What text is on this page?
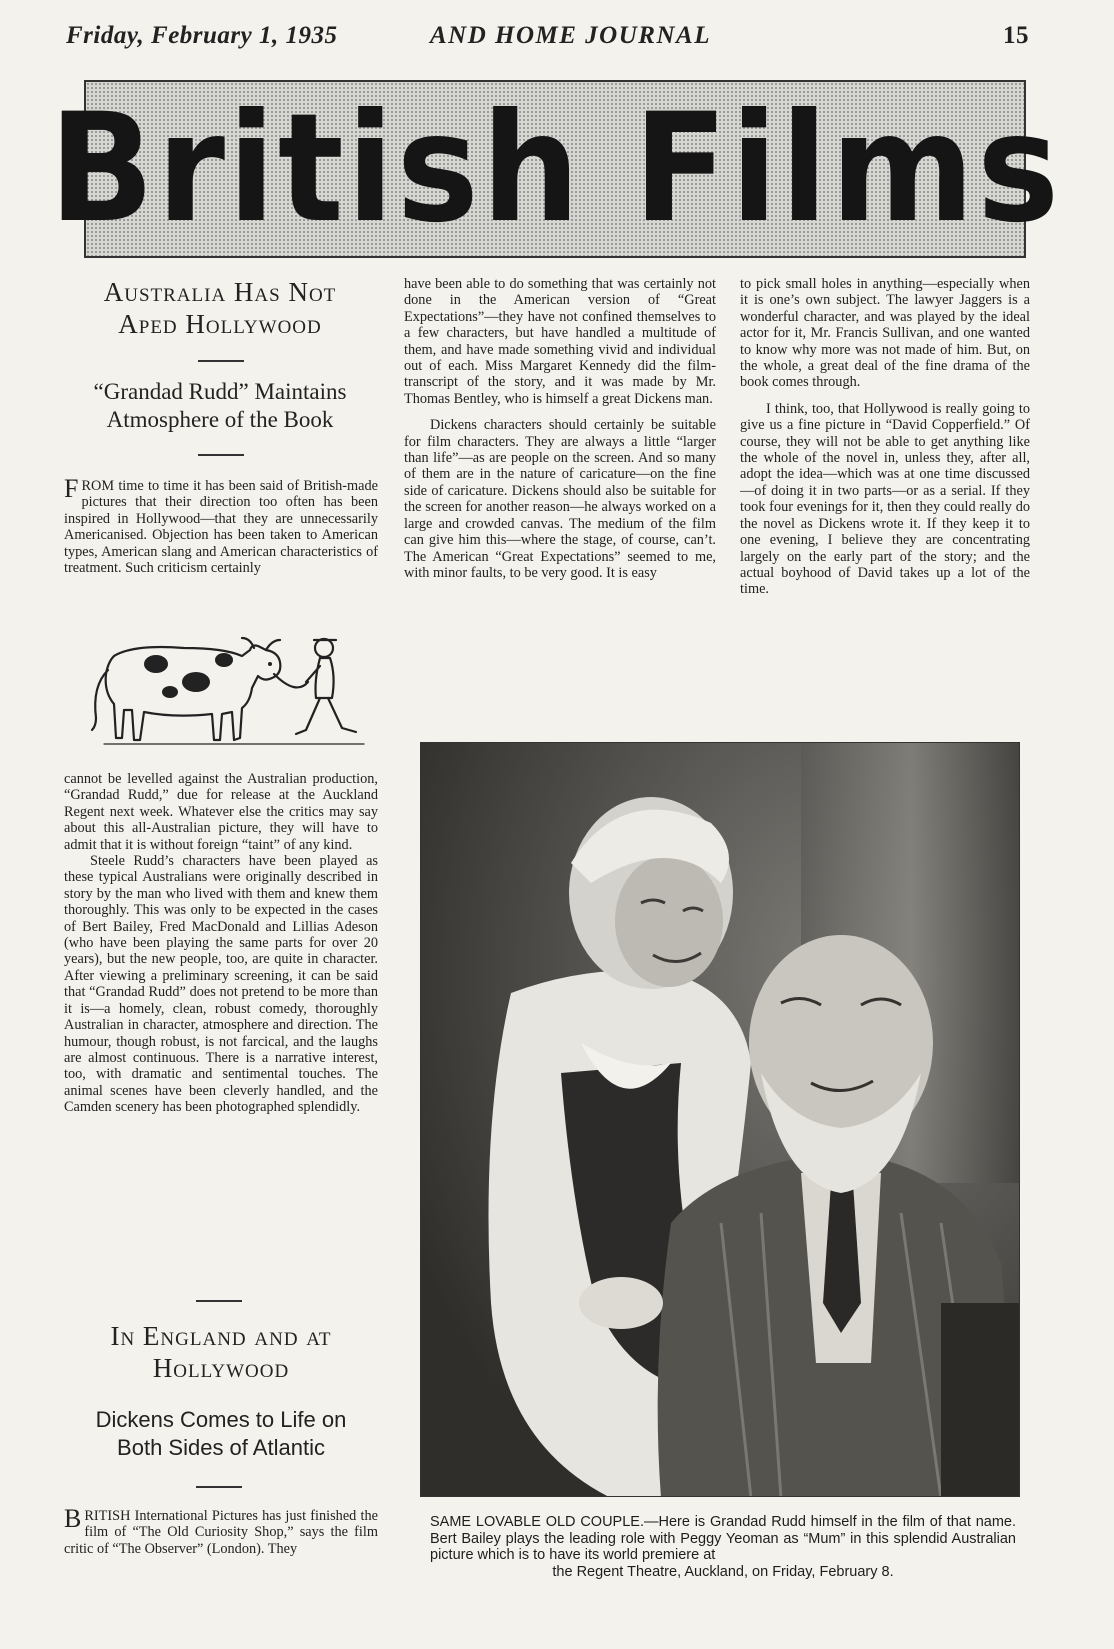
Friday, February 1, 1935	AND HOME JOURNAL	15
British Films
Australia Has Not
Aped Hollywood
“Grandad Rudd” Maintains
Atmosphere of the Book

FROM time to time it has been said of British-made pictures that their direction too often has been inspired in Hollywood—that they are unnecessarily Americanised. Objection has been taken to American types, American slang and American characteristics of treatment. Such criticism certainly

cannot be levelled against the Australian production, “Grandad Rudd,” due for release at the Auckland Regent next week. Whatever else the critics may say about this all-Australian picture, they will have to admit that it is without foreign “taint” of any kind.

Steele Rudd’s characters have been played as these typical Australians were originally described in story by the man who lived with them and knew them thoroughly. This was only to be expected in the cases of Bert Bailey, Fred MacDonald and Lillias Adeson (who have been playing the same parts for over 20 years), but the new people, too, are quite in character. After viewing a preliminary screening, it can be said that “Grandad Rudd” does not pretend to be more than it is—a homely, clean, robust comedy, thoroughly Australian in character, atmosphere and direction. The humour, though robust, is not farcical, and the laughs are almost continuous. There is a narrative interest, too, with dramatic and sentimental touches. The animal scenes have been cleverly handled, and the Camden scenery has been photographed splendidly.

In England and at
Hollywood
Dickens Comes to Life on
Both Sides of Atlantic

BRITISH International Pictures has just finished the film of “The Old Curiosity Shop,” says the film critic of “The Observer” (London). They

have been able to do something that was certainly not done in the American version of “Great Expectations”—they have not confined themselves to a few characters, but have handled a multitude of them, and have made something vivid and individual out of each. Miss Margaret Kennedy did the film-transcript of the story, and it was made by Mr. Thomas Bentley, who is himself a great Dickens man.

Dickens characters should certainly be suitable for film characters. They are always a little “larger than life”—as are people on the screen. And so many of them are in the nature of caricature—on the fine side of caricature. Dickens should also be suitable for the screen for another reason—he always worked on a large and crowded canvas. The medium of the film can give him this—where the stage, of course, can’t. The American “Great Expectations” seemed to me, with minor faults, to be very good. It is easy

to pick small holes in anything—especially when it is one’s own subject. The lawyer Jaggers is a wonderful character, and was played by the ideal actor for it, Mr. Francis Sullivan, and one wanted to know why more was not made of him. But, on the whole, a great deal of the fine drama of the book comes through.

I think, too, that Hollywood is really going to give us a fine picture in “David Copperfield.” Of course, they will not be able to get anything like the whole of the novel in, unless they, after all, adopt the idea—which was at one time discussed—of doing it in two parts—or as a serial. If they took four evenings for it, then they could really do the novel as Dickens wrote it. If they keep it to one evening, I believe they are concentrating largely on the early part of the story; and the actual boyhood of David takes up a lot of the time.

SAME LOVABLE OLD COUPLE.—Here is Grandad Rudd himself in the film of that name. Bert Bailey plays the leading role with Peggy Yeoman as “Mum” in this splendid Australian picture which is to have its world premiere at
the Regent Theatre, Auckland, on Friday, February 8.
